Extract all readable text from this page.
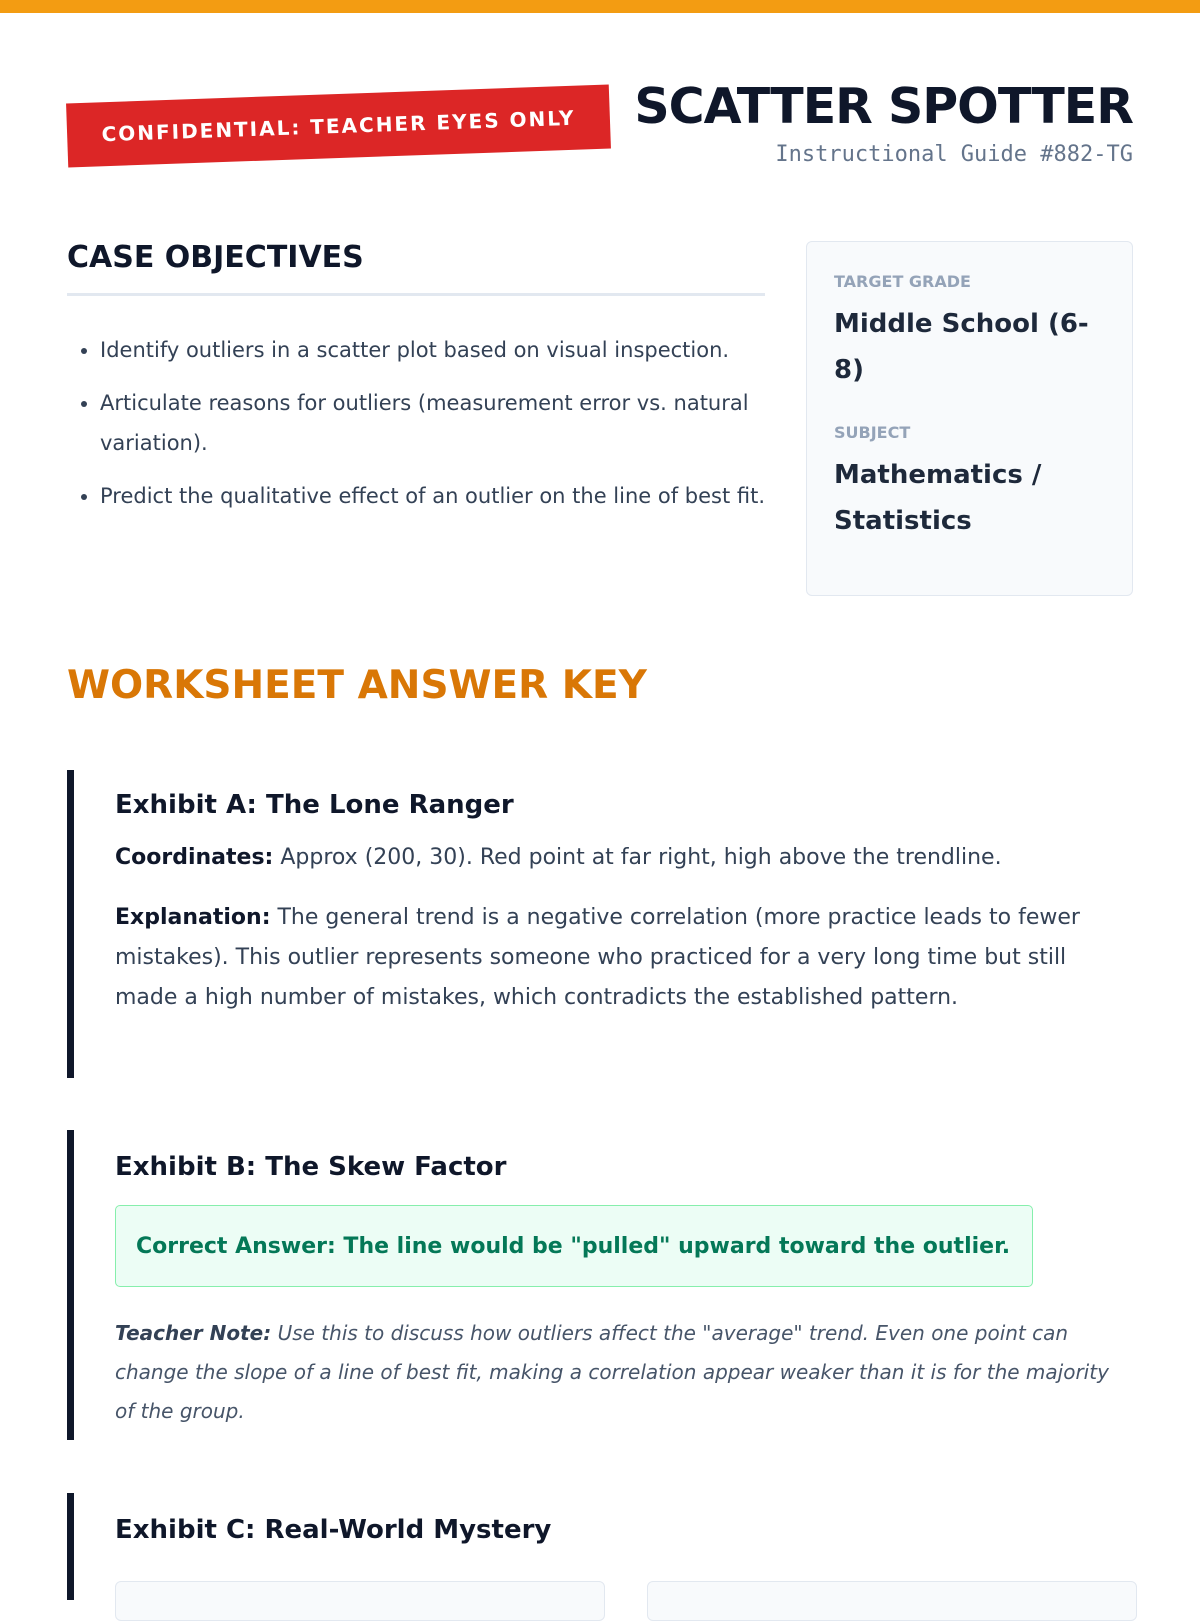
CONFIDENTIAL: TEACHER EYES ONLY	SCATTER SPOTTER
Instructional Guide #882-TG
CASE OBJECTIVES
• Identify outliers in a scatter plot based on visual inspection.
• Articulate reasons for outliers (measurement error vs. natural variation).
• Predict the qualitative effect of an outlier on the line of best fit.
TARGET GRADE
Middle School (6-8)
SUBJECT
Mathematics / Statistics
WORKSHEET ANSWER KEY
Exhibit A: The Lone Ranger

Coordinates: Approx (200, 30). Red point at far right, high above the trendline.

Explanation: The general trend is a negative correlation (more practice leads to fewer mistakes). This outlier represents someone who practiced for a very long time but still made a high number of mistakes, which contradicts the established pattern.

Exhibit B: The Skew Factor
Correct Answer: The line would be "pulled" upward toward the outlier.

Teacher Note: Use this to discuss how outliers affect the "average" trend. Even one point can change the slope of a line of best fit, making a correlation appear weaker than it is for the majority of the group.

Exhibit C: Real-World Mystery
